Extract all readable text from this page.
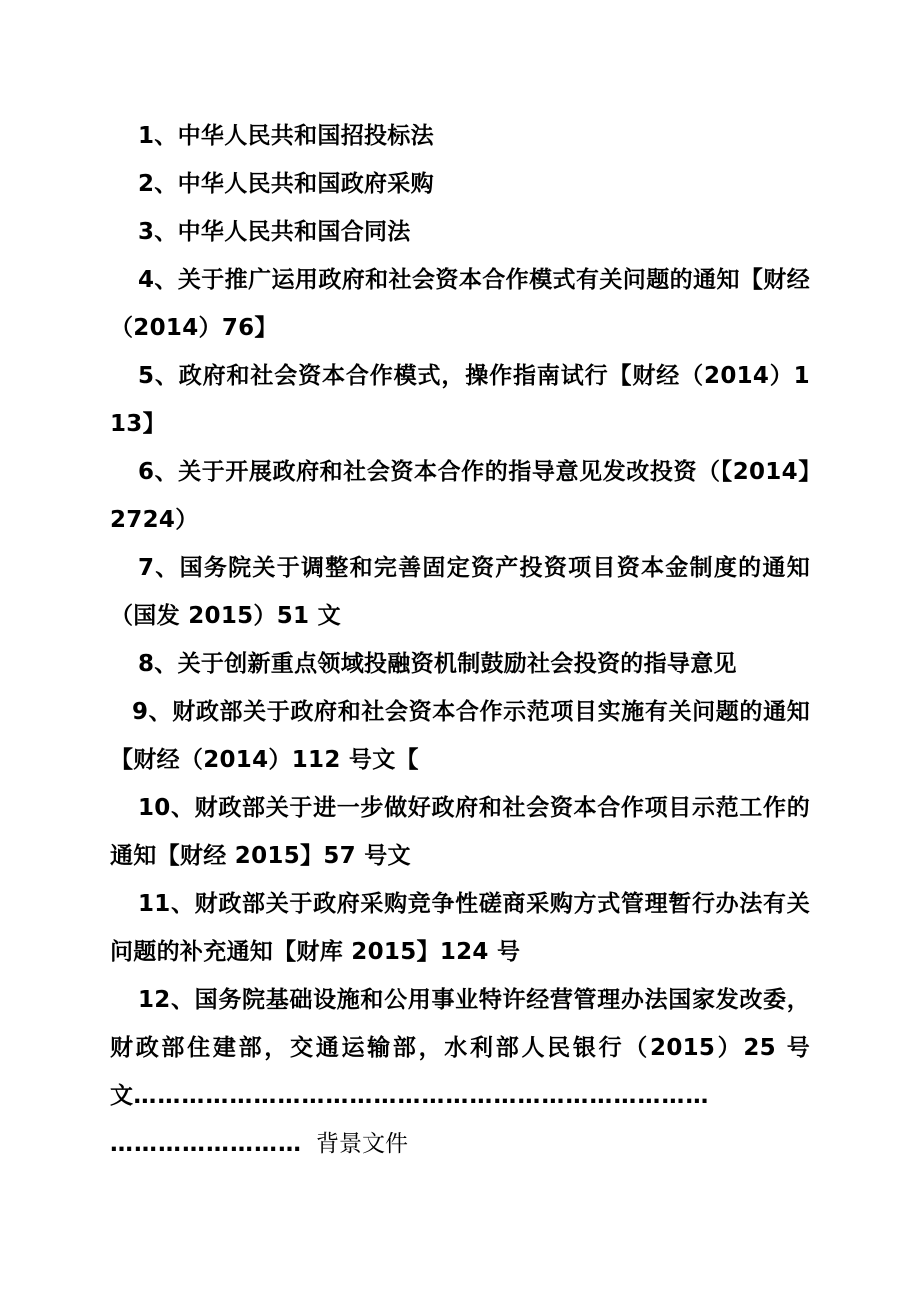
1、中华人民共和国招投标法

2、中华人民共和国政府采购

3、中华人民共和国合同法

4、关于推广运用政府和社会资本合作模式有关问题的通知【财经（2014）76】

5、政府和社会资本合作模式，操作指南试行【财经（2014）113】

6、关于开展政府和社会资本合作的指导意见发改投资（【2014】2724）

7、国务院关于调整和完善固定资产投资项目资本金制度的通知（国发 2015）51 文

8、关于创新重点领域投融资机制鼓励社会投资的指导意见

9、财政部关于政府和社会资本合作示范项目实施有关问题的通知【财经（2014）112 号文【

10、财政部关于进一步做好政府和社会资本合作项目示范工作的通知【财经 2015】57 号文

11、财政部关于政府采购竞争性磋商采购方式管理暂行办法有关问题的补充通知【财库 2015】124 号

12、国务院基础设施和公用事业特许经营管理办法国家发改委，财政部住建部，交通运输部，水利部人民银行（2015）25 号文………………………………………………………………

…………………… 背景文件
